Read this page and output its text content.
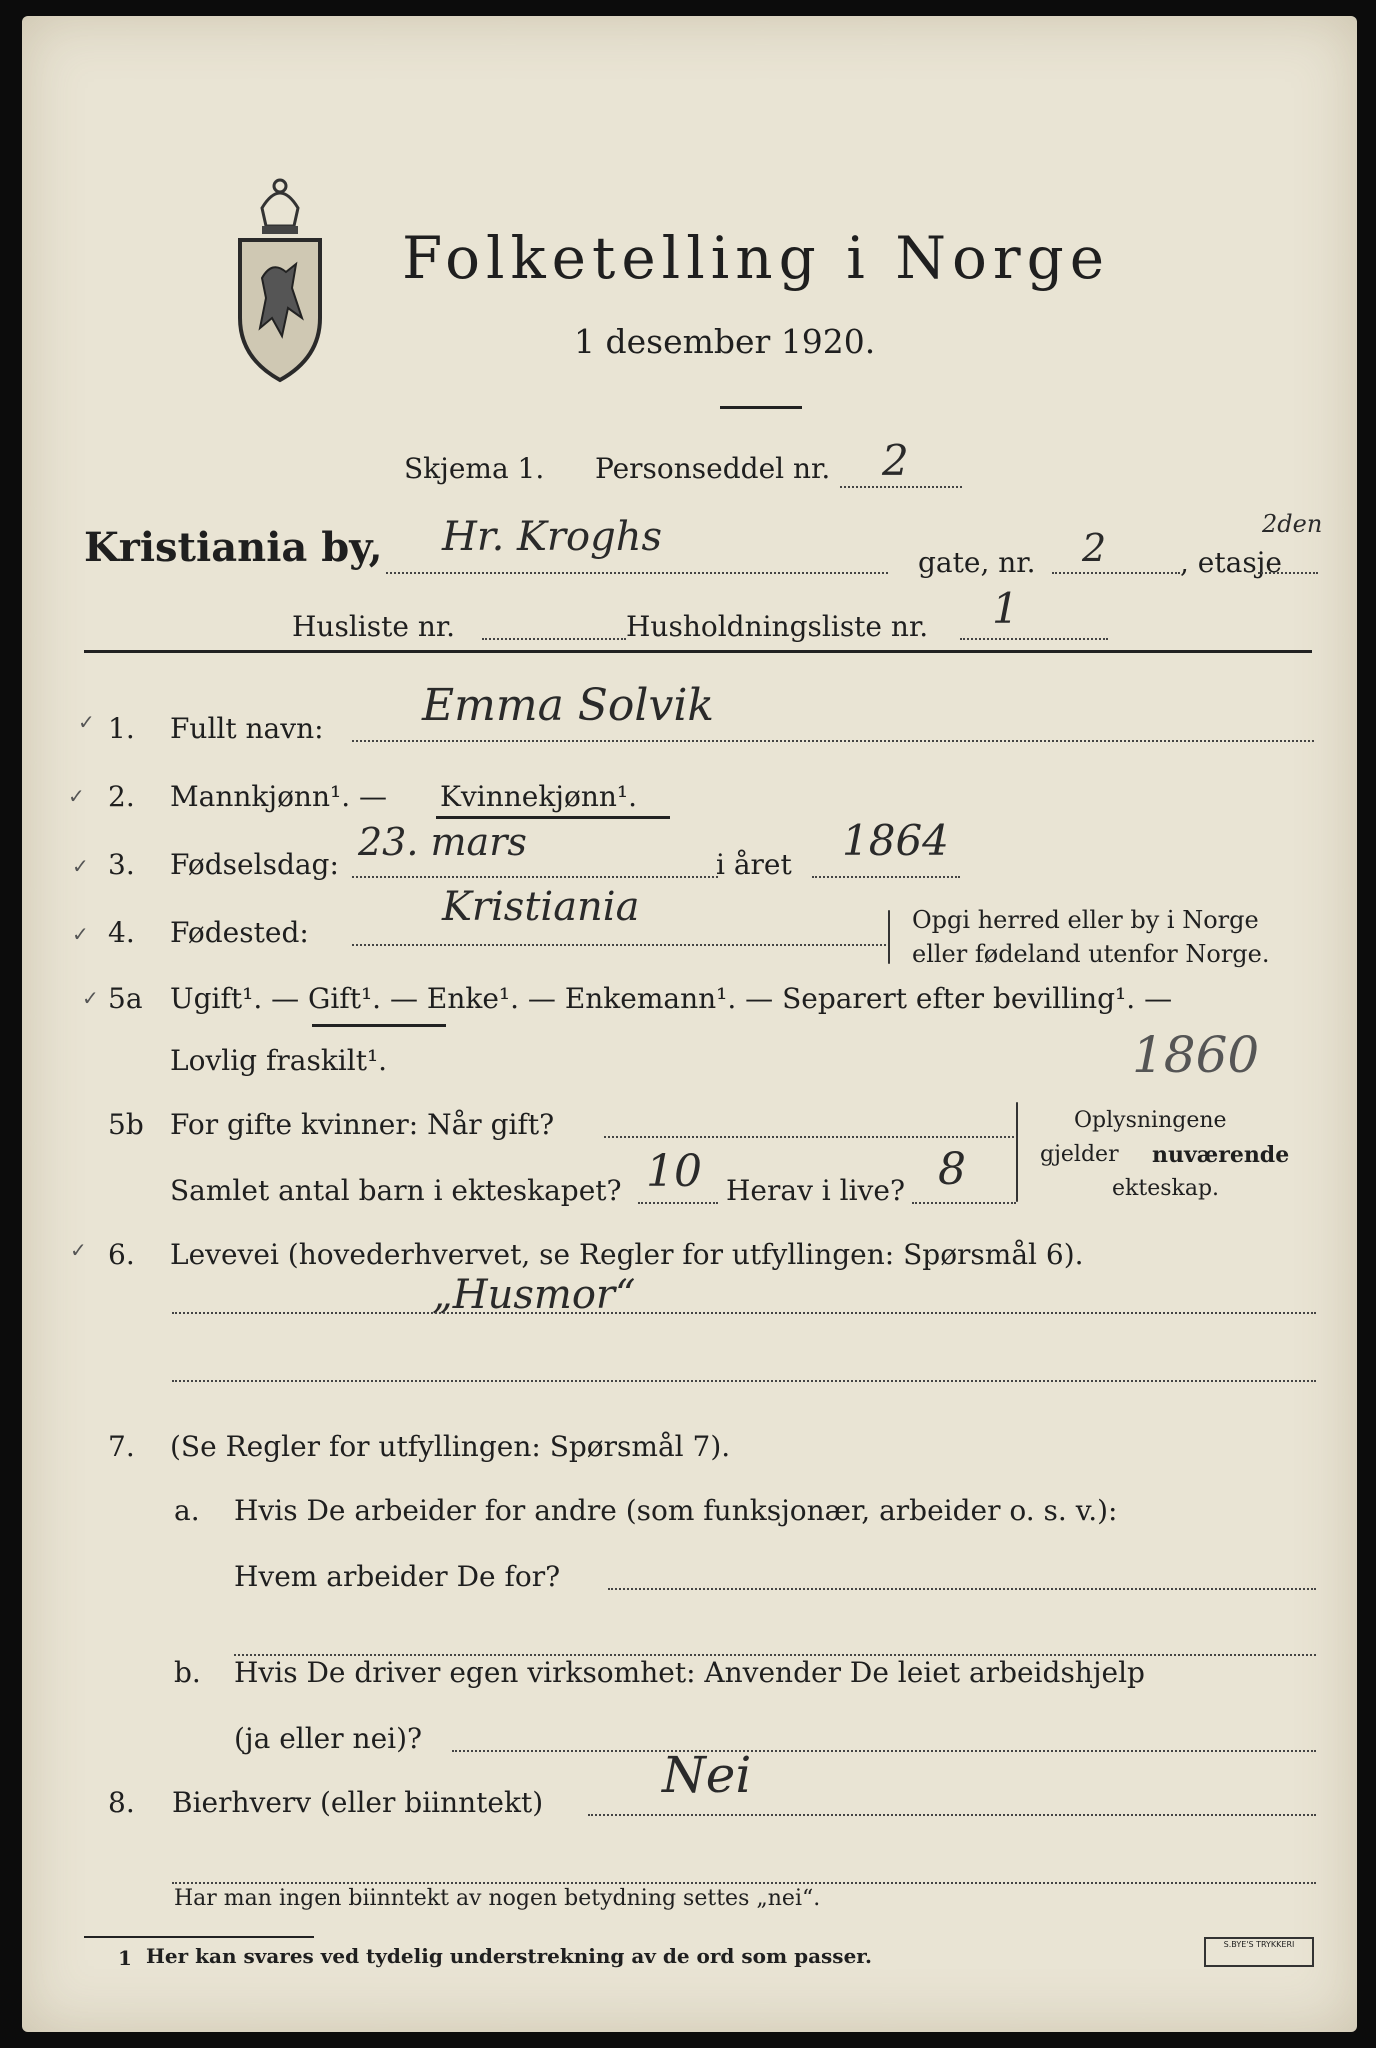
Folketelling i Norge
1 desember 1920.
Skjema 1. Personseddel nr. 2
Kristiania by, Hr. Kroghs
gate, nr. 2	, etasje
2den
Husliste nr.	Husholdningsliste nr. 1
✓ 1. Fullt navn: Emma Solvik
✓ 2. Mannkjønn¹. — Kvinnekjønn¹.
✓ 3. Fødselsdag:
23. mars
i året 1864
✓ 4. Fødested:
Kristiania	Opgi herred eller by i Norge
eller fødeland utenfor Norge.
✓ 5a Ugift¹. — Gift¹. — Enke¹. — Enkemann¹. — Separert efter bevilling¹. —
Lovlig fraskilt¹.	1860
5b For gifte kvinner: Når gift?
Samlet antal barn i ekteskapet? 10 Herav i live? 8
Oplysningene
gjelder nuværende
ekteskap.
✓ 6. Levevei (hovederhvervet, se Regler for utfyllingen: Spørsmål 6).
„Husmor“
7. (Se Regler for utfyllingen: Spørsmål 7).
a. Hvis De arbeider for andre (som funksjonær, arbeider o. s. v.):
Hvem arbeider De for?
b. Hvis De driver egen virksomhet: Anvender De leiet arbeidshjelp
(ja eller nei)?
8. Bierhverv (eller biinntekt) Nei
Har man ingen biinntekt av nogen betydning settes „nei“.
1 Her kan svares ved tydelig understrekning av de ord som passer.	S.BYE'S TRYKKERI
